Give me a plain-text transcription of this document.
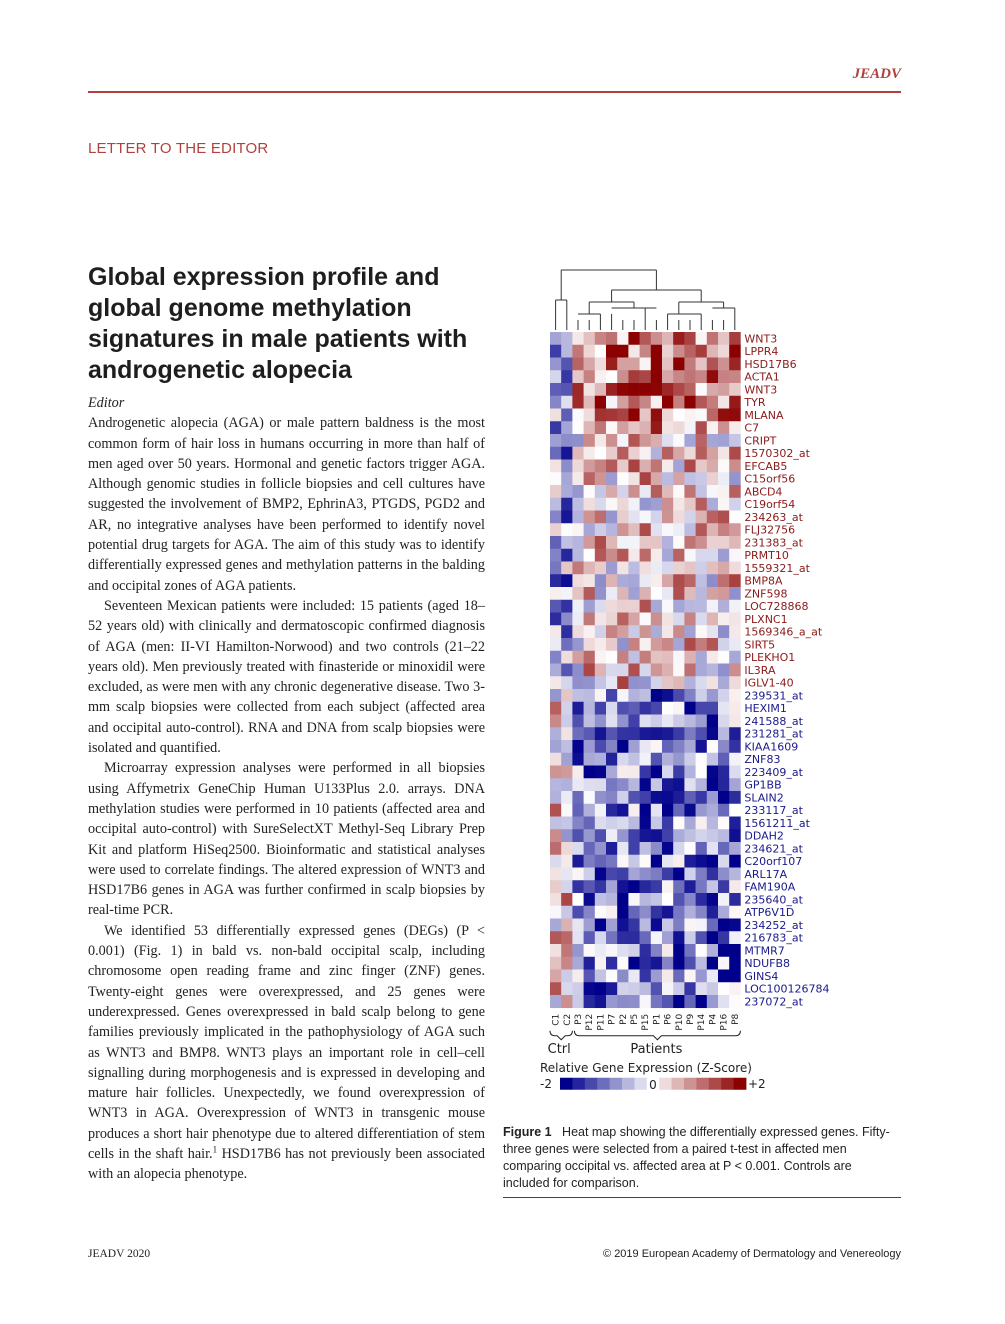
JEADV
LETTER TO THE EDITOR
Global expression profile and global genome methylation signatures in male patients with androgenetic alopecia

Editor

Androgenetic alopecia (AGA) or male pattern baldness is the most common form of hair loss in humans occurring in more than half of men aged over 50 years. Hormonal and genetic factors trigger AGA. Although genomic studies in follicle biopsies and cell cultures have suggested the involvement of BMP2, EphrinA3, PTGDS, PGD2 and AR, no integrative analyses have been performed to identify novel potential drug targets for AGA. The aim of this study was to identify differentially expressed genes and methylation patterns in the balding and occipital zones of AGA patients.

Seventeen Mexican patients were included: 15 patients (aged 18–52 years old) with clinically and dermatoscopic confirmed diagnosis of AGA (men: II-VI Hamilton-Norwood) and two controls (21–22 years old). Men previously treated with finasteride or minoxidil were excluded, as were men with any chronic degenerative disease. Two 3-mm scalp biopsies were collected from each subject (affected area and occipital auto-control). RNA and DNA from scalp biopsies were isolated and quantified.

Microarray expression analyses were performed in all biopsies using Affymetrix GeneChip Human U133Plus 2.0. arrays. DNA methylation studies were performed in 10 patients (affected area and occipital auto-control) with SureSelectXT Methyl-Seq Library Prep Kit and platform HiSeq2500. Bioinformatic and statistical analyses were used to correlate findings. The altered expression of WNT3 and HSD17B6 genes in AGA was further confirmed in scalp biopsies by real-time PCR.

We identified 53 differentially expressed genes (DEGs) (P < 0.001) (Fig. 1) in bald vs. non-bald occipital scalp, including chromosome open reading frame and zinc finger (ZNF) genes. Twenty-eight genes were overexpressed, and 25 genes were underexpressed. Genes overexpressed in bald scalp belong to gene families previously implicated in the pathophysiology of AGA such as WNT3 and BMP8. WNT3 plays an important role in cell–cell signalling during morphogenesis and is expressed in developing and mature hair follicles. Unexpectedly, we found overexpression of WNT3 in AGA. Overexpression of WNT3 in transgenic mouse produces a short hair phenotype due to altered differentiation of stem cells in the shaft hair.$^1$ HSD17B6 has not previously been associated with an alopecia phenotype.

WNT3
LPPR4
HSD17B6
ACTA1
WNT3
TYR
MLANA
C7
CRIPT
1570302_at
EFCAB5
C15orf56
ABCD4
C19orf54
234263_at
FLJ32756
231383_at
PRMT10
1559321_at
BMP8A
ZNF598
LOC728868
PLXNC1
1569346_a_at
SIRT5
PLEKHO1
IL3RA
IGLV1-40
239531_at
HEXIM1
241588_at
231281_at
KIAA1609
ZNF83
223409_at
GP1BB
SLAIN2
233117_at
1561211_at
DDAH2
234621_at
C20orf107
ARL17A
FAM190A
235640_at
ATP6V1D
234252_at
216783_at
MTMR7
NDUFB8
GINS4
LOC100126784
237072_at
C1 C2 P3 P12 P11 P7 P2 P5 P15 P1 P6 P10 P9 P14 P4 P16 P8
Ctrl	Patients
Relative Gene Expression (Z-Score)
-2	0	+2
Figure 1 Heat map showing the differentially expressed genes. Fifty-three genes were selected from a paired t-test in affected men comparing occipital vs. affected area at P < 0.001. Controls are included for comparison.
JEADV 2020	© 2019 European Academy of Dermatology and Venereology
